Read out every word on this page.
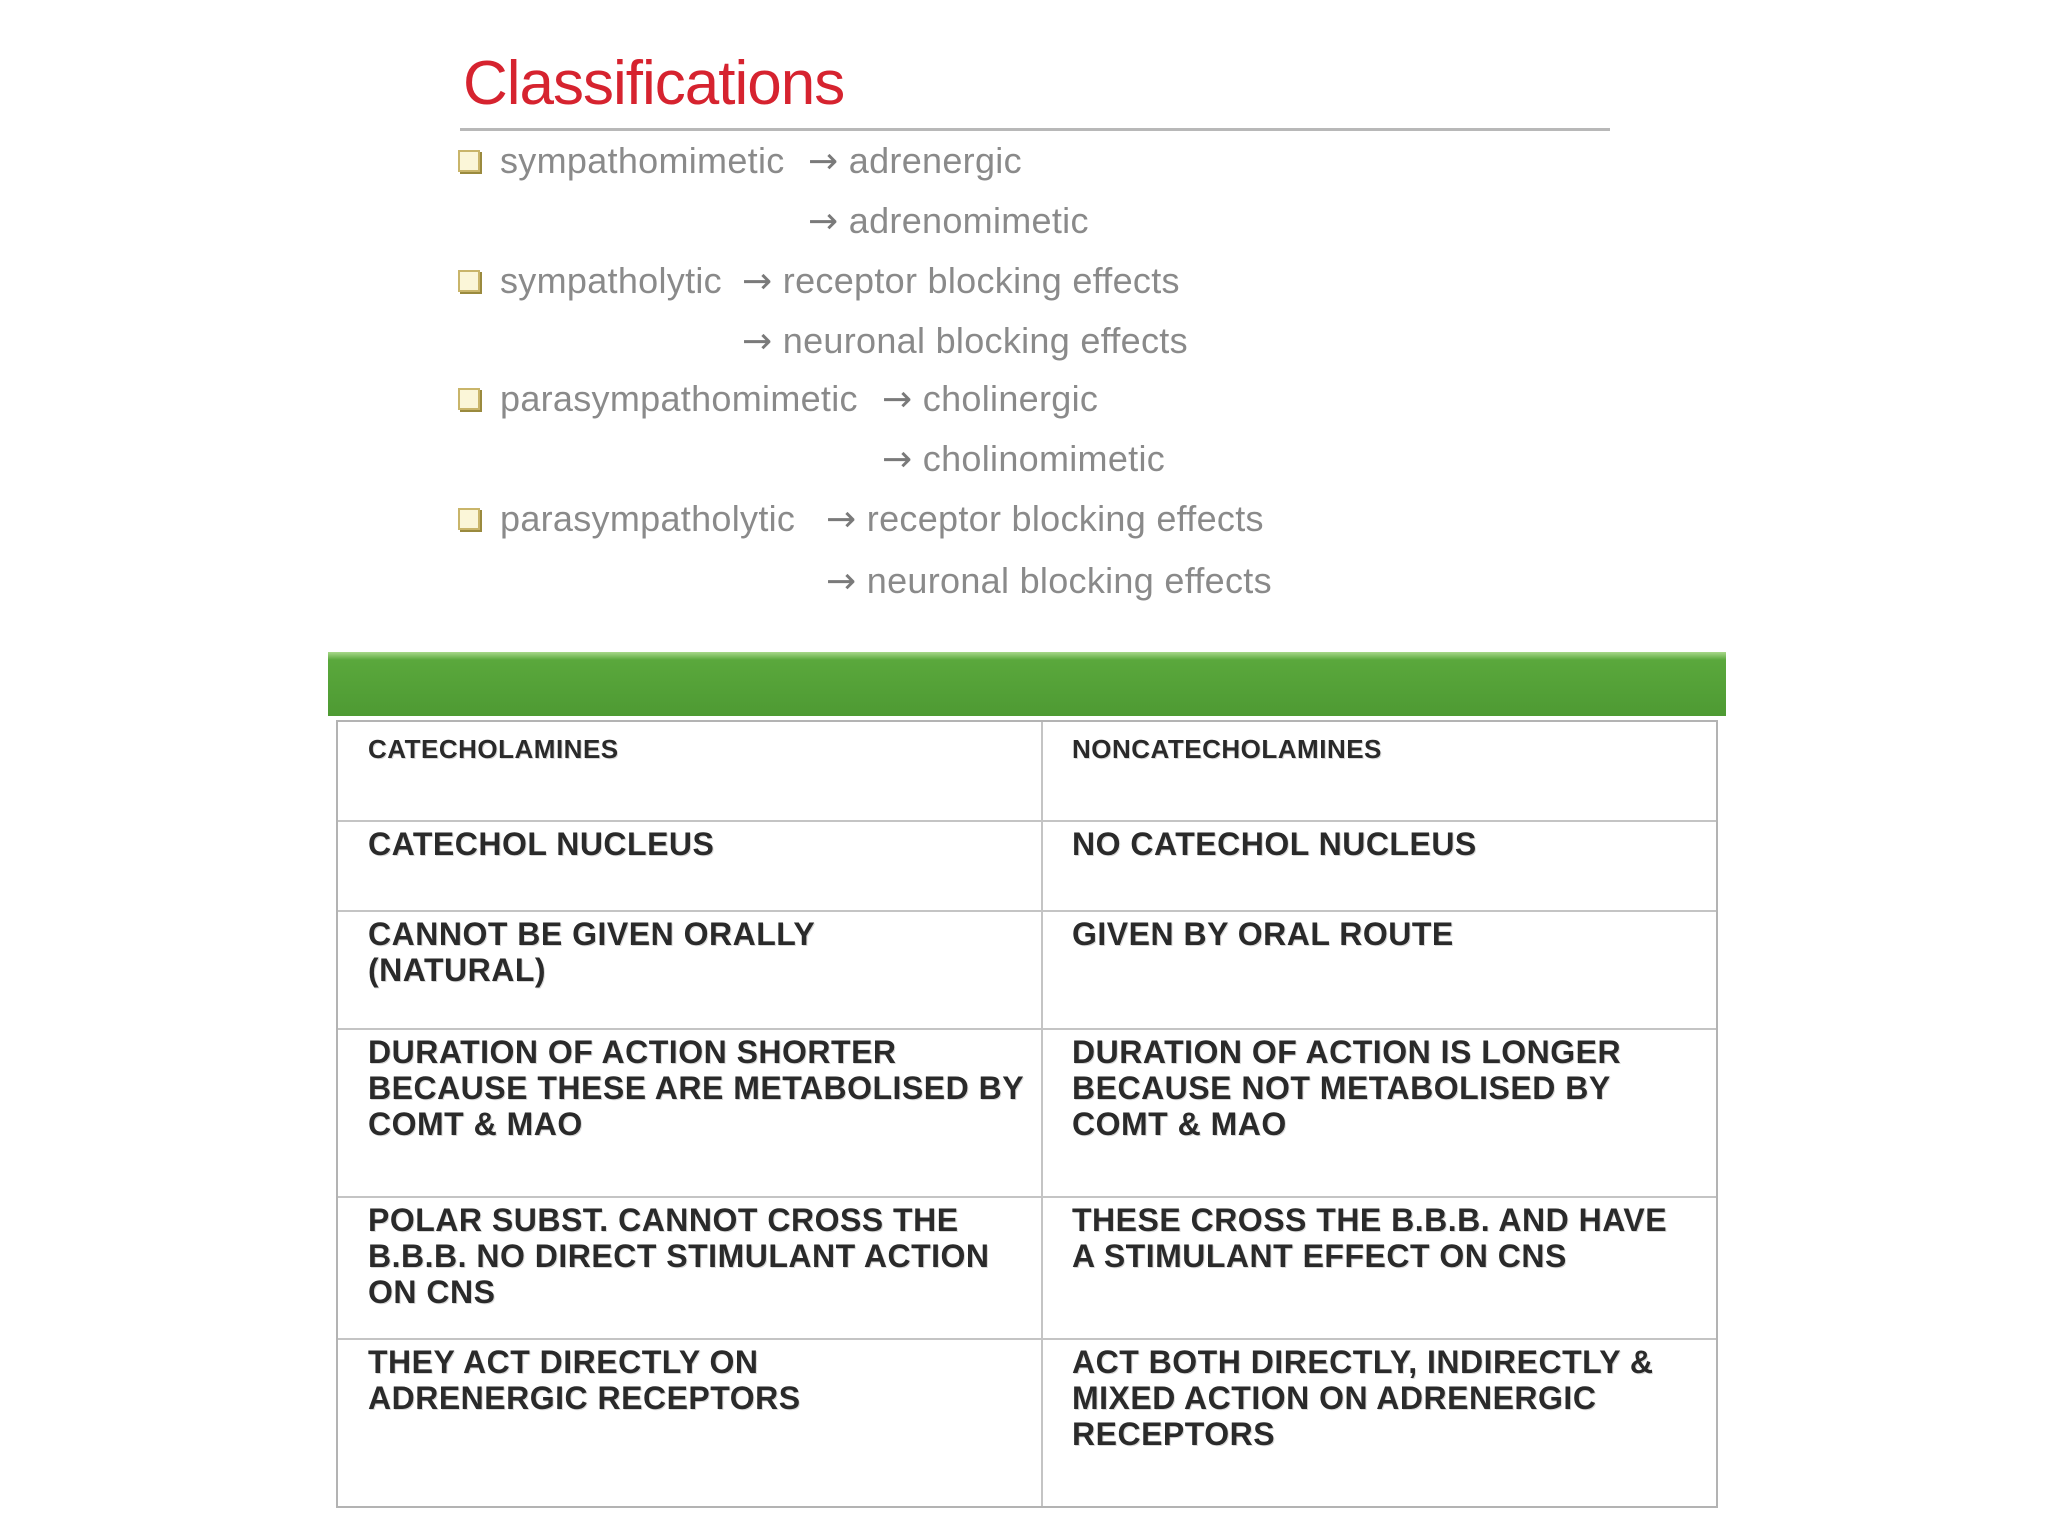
Classifications
sympathomimetic → adrenergic
→ adrenomimetic
sympatholytic → receptor blocking effects
→ neuronal blocking effects
parasympathomimetic → cholinergic
→ cholinomimetic
parasympatholytic → receptor blocking effects
→ neuronal blocking effects
CATECHOLAMINES	NONCATECHOLAMINES
CATECHOL NUCLEUS	NO CATECHOL NUCLEUS
CANNOT BE GIVEN ORALLY (NATURAL)
GIVEN BY ORAL ROUTE
DURATION OF ACTION SHORTER BECAUSE THESE ARE METABOLISED BY COMT & MAO
DURATION OF ACTION IS LONGER BECAUSE NOT METABOLISED BY COMT & MAO
POLAR SUBST. CANNOT CROSS THE B.B.B. NO DIRECT STIMULANT ACTION ON CNS
THESE CROSS THE B.B.B. AND HAVE A STIMULANT EFFECT ON CNS
THEY ACT DIRECTLY ON ADRENERGIC RECEPTORS
ACT BOTH DIRECTLY, INDIRECTLY & MIXED ACTION ON ADRENERGIC RECEPTORS
